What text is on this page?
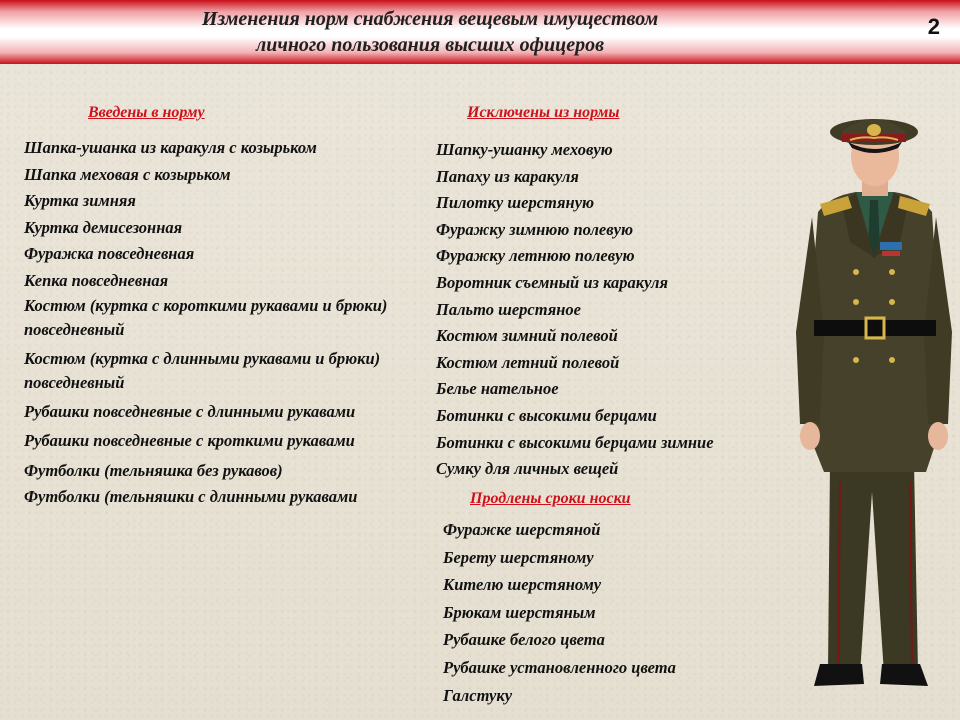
Изменения норм снабжения вещевым имуществом
личного пользования высших офицеров
2
Введены в норму
Шапка-ушанка из каракуля с козырьком
Шапка меховая с козырьком
Куртка зимняя
Куртка демисезонная
Фуражка повседневная
Кепка повседневная
Костюм (куртка с короткими рукавами и брюки) повседневный
Костюм (куртка с длинными рукавами и брюки) повседневный
Рубашки повседневные с длинными рукавами
Рубашки повседневные с кроткими рукавами
Футболки (тельняшка без рукавов)
Футболки (тельняшки с длинными рукавами
Исключены из нормы
Шапку-ушанку меховую
Папаху из каракуля
Пилотку шерстяную
Фуражку зимнюю полевую
Фуражку летнюю полевую
Воротник съемный из каракуля
Пальто шерстяное
Костюм зимний полевой
Костюм летний полевой
Белье нательное
Ботинки с высокими берцами
Ботинки с высокими берцами зимние
Сумку для личных вещей
Продлены сроки носки
Фуражке шерстяной
Берету шерстяному
Кителю шерстяному
Брюкам шерстяным
Рубашке белого цвета
Рубашке установленного цвета
Галстуку
